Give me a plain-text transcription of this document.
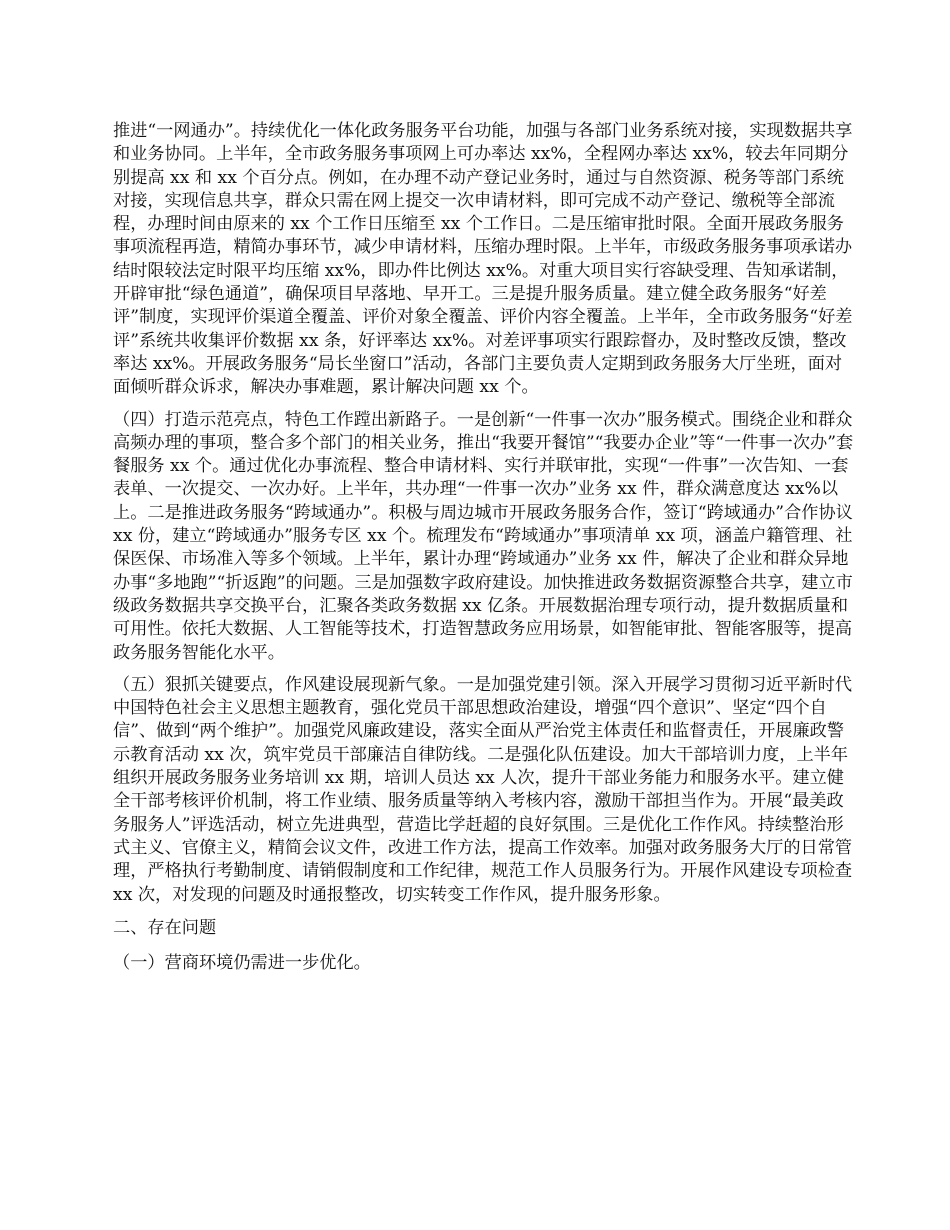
推进“一网通办”。持续优化一体化政务服务平台功能，加强与各部门业务系统对接，实现数据共享和业务协同。上半年，全市政务服务事项网上可办率达 xx%，全程网办率达 xx%，较去年同期分别提高 xx 和 xx 个百分点。例如，在办理不动产登记业务时，通过与自然资源、税务等部门系统对接，实现信息共享，群众只需在网上提交一次申请材料，即可完成不动产登记、缴税等全部流程，办理时间由原来的 xx 个工作日压缩至 xx 个工作日。二是压缩审批时限。全面开展政务服务事项流程再造，精简办事环节，减少申请材料，压缩办理时限。上半年，市级政务服务事项承诺办结时限较法定时限平均压缩 xx%，即办件比例达 xx%。对重大项目实行容缺受理、告知承诺制，开辟审批“绿色通道”，确保项目早落地、早开工。三是提升服务质量。建立健全政务服务“好差评”制度，实现评价渠道全覆盖、评价对象全覆盖、评价内容全覆盖。上半年，全市政务服务“好差评”系统共收集评价数据 xx 条，好评率达 xx%。对差评事项实行跟踪督办，及时整改反馈，整改率达 xx%。开展政务服务“局长坐窗口”活动，各部门主要负责人定期到政务服务大厅坐班，面对面倾听群众诉求，解决办事难题，累计解决问题 xx 个。

（四）打造示范亮点，特色工作蹚出新路子。一是创新“一件事一次办”服务模式。围绕企业和群众高频办理的事项，整合多个部门的相关业务，推出“我要开餐馆”“我要办企业”等“一件事一次办”套餐服务 xx 个。通过优化办事流程、整合申请材料、实行并联审批，实现“一件事”一次告知、一套表单、一次提交、一次办好。上半年，共办理“一件事一次办”业务 xx 件，群众满意度达 xx%以上。二是推进政务服务“跨域通办”。积极与周边城市开展政务服务合作，签订“跨域通办”合作协议 xx 份，建立“跨域通办”服务专区 xx 个。梳理发布“跨域通办”事项清单 xx 项，涵盖户籍管理、社保医保、市场准入等多个领域。上半年，累计办理“跨域通办”业务 xx 件，解决了企业和群众异地办事“多地跑”“折返跑”的问题。三是加强数字政府建设。加快推进政务数据资源整合共享，建立市级政务数据共享交换平台，汇聚各类政务数据 xx 亿条。开展数据治理专项行动，提升数据质量和可用性。依托大数据、人工智能等技术，打造智慧政务应用场景，如智能审批、智能客服等，提高政务服务智能化水平。

（五）狠抓关键要点，作风建设展现新气象。一是加强党建引领。深入开展学习贯彻习近平新时代中国特色社会主义思想主题教育，强化党员干部思想政治建设，增强“四个意识”、坚定“四个自信”、做到“两个维护”。加强党风廉政建设，落实全面从严治党主体责任和监督责任，开展廉政警示教育活动 xx 次，筑牢党员干部廉洁自律防线。二是强化队伍建设。加大干部培训力度，上半年组织开展政务服务业务培训 xx 期，培训人员达 xx 人次，提升干部业务能力和服务水平。建立健全干部考核评价机制，将工作业绩、服务质量等纳入考核内容，激励干部担当作为。开展“最美政务服务人”评选活动，树立先进典型，营造比学赶超的良好氛围。三是优化工作作风。持续整治形式主义、官僚主义，精简会议文件，改进工作方法，提高工作效率。加强对政务服务大厅的日常管理，严格执行考勤制度、请销假制度和工作纪律，规范工作人员服务行为。开展作风建设专项检查 xx 次，对发现的问题及时通报整改，切实转变工作作风，提升服务形象。

二、存在问题

（一）营商环境仍需进一步优化。
